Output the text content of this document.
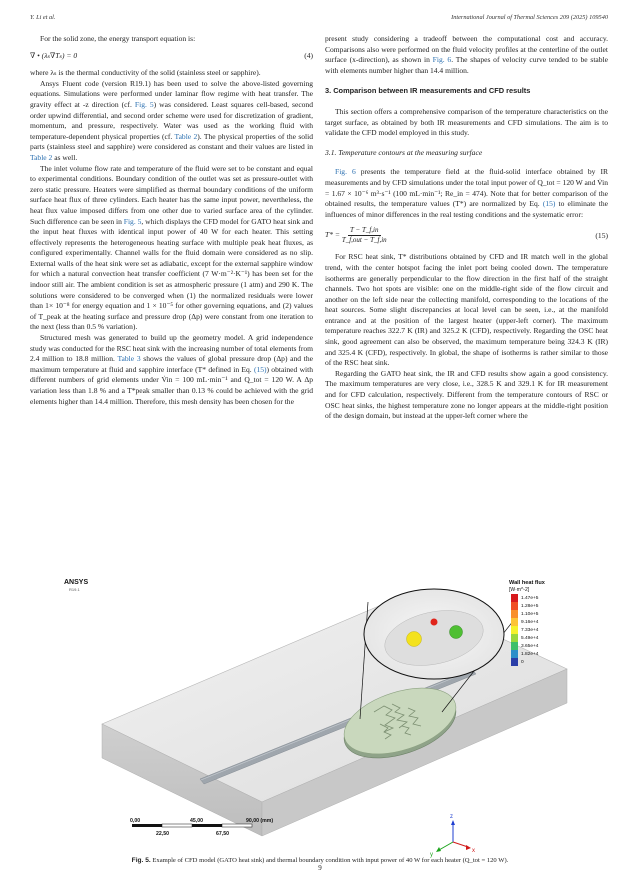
Y. Li et al.	International Journal of Thermal Sciences 209 (2025) 109540

For the solid zone, the energy transport equation is:

∇ • (λₛ∇Tₛ) = 0	(4)

where λₛ is the thermal conductivity of the solid (stainless steel or sapphire).

Ansys Fluent code (version R19.1) has been used to solve the above-listed governing equations. Simulations were performed under laminar flow regime with heat transfer. The gravity effect at -z direction (cf. Fig. 5) was considered. Least squares cell-based, second order upwind differential, and second order scheme were used for discretization of gradient, momentum, and pressure, respectively. Water was used as the working fluid with temperature-dependent physical properties (cf. Table 2). The physical properties of the solid parts (stainless steel and sapphire) were considered as constant and their values are listed in Table 2 as well.

The inlet volume flow rate and temperature of the fluid were set to be constant and equal to experimental conditions. Boundary condition of the outlet was set as pressure-outlet with zero static pressure. Heaters were simplified as thermal boundary conditions of the uniform surface heat flux of three cylinders. Each heater has the same input power, nevertheless, the heat flux value imposed differs from one other due to varied surface area of the cylinder. Such difference can be seen in Fig. 5, which displays the CFD model for GATO heat sink and the input heat fluxes with identical input power of 40 W for each heater. This setting effectively represents the heterogeneous heating surface with multiple peak heat fluxes, as configured experimentally. Channel walls for the fluid domain were considered as no slip. External walls of the heat sink were set as adiabatic, except for the external sapphire window for which a natural convection heat transfer coefficient (7 W·m⁻²·K⁻¹) has been set for the indoor still air. The ambient condition is set as atmospheric pressure (1 atm) and 290 K. The solutions were considered to be converged when (1) the normalized residuals were lower than 1× 10⁻⁸ for energy equation and 1 × 10⁻⁵ for other governing equations, and (2) values of T_peak at the heating surface and pressure drop (Δp) were constant from one iteration to the next (less than 0.5 % variation).

Structured mesh was generated to build up the geometry model. A grid independence study was conducted for the RSC heat sink with the increasing number of total elements from 2.4 million to 18.8 million. Table 3 shows the values of global pressure drop (Δp) and the maximum temperature at fluid and sapphire interface (T* defined in Eq. (15)) obtained with different numbers of grid elements under V̇in = 100 mL·min⁻¹ and Q_tot = 120 W. A Δp variation less than 1.8 % and a T*peak smaller than 0.13 % could be achieved with the grid elements higher than 14.4 million. Therefore, this mesh density has been chosen for the

present study considering a tradeoff between the computational cost and accuracy. Comparisons also were performed on the fluid velocity profiles at the centerline of the outlet surface (x-direction), as shown in Fig. 6. The shapes of velocity curve tended to be stable with elements number higher than 14.4 million.

3. Comparison between IR measurements and CFD results

This section offers a comprehensive comparison of the temperature characteristics on the target surface, as obtained by both IR measurements and CFD simulations. The aim is to validate the CFD model employed in this study.

3.1. Temperature contours at the measuring surface

Fig. 6 presents the temperature field at the fluid-solid interface obtained by IR measurements and by CFD simulations under the total input power of Q_tot = 120 W and V̇in = 1.67 × 10⁻⁶ m³·s⁻¹ (100 mL·min⁻¹; Re_in = 474). Note that for better comparison of the obtained results, the temperature values (T*) are normalized by Eq. (15) to eliminate the influences of minor differences in the real testing conditions and the systematic error:

$T* = \frac{T - T\_f,in}{\text{T\_f,out − T\_f,in}}$	(15)

For RSC heat sink, T* distributions obtained by CFD and IR match well in the global trend, with the center hotspot facing the inlet port being cooled down. The temperature isotherms are generally perpendicular to the flow direction in the first half of the straight channels. Two hot spots are visible: one on the middle-right side of the flow circuit and another on the left side near the collecting manifold, corresponding to the locations of the heat sources. Some slight discrepancies at local level can be seen, i.e., at the manifold entrance and at the position of the largest heater (upper-left corner). The maximum temperature reaches 322.7 K (IR) and 325.2 K (CFD), respectively. Regarding the OSC heat sink, good agreement can also be observed, the maximum temperature being 324.3 K (IR) and 325.4 K (CFD), respectively. In global, the shape of isotherms is rather similar to those of the RSC heat sink.

Regarding the GATO heat sink, the IR and CFD results show again a good consistency. The maximum temperatures are very close, i.e., 328.5 K and 329.1 K for IR measurement and for CFD calculation, respectively. Different from the temperature contours of RSC or OSC heat sinks, the highest temperature zone no longer appears at the middle-right position of the design domain, but instead at the upper-left corner where the

ANSYS
R19.1
Wall heat flux
[W·m^-2]
1.47e+5
1.28e+5
1.10e+5
9.16e+4
7.33e+4
5.49e+4
3.65e+4
1.82e+4
0
0,00	45,00	90,00 (mm)
22,50	67,50
z
y
x
Fig. 5. Example of CFD model (GATO heat sink) and thermal boundary condition with input power of 40 W for each heater (Q_tot = 120 W).
9
